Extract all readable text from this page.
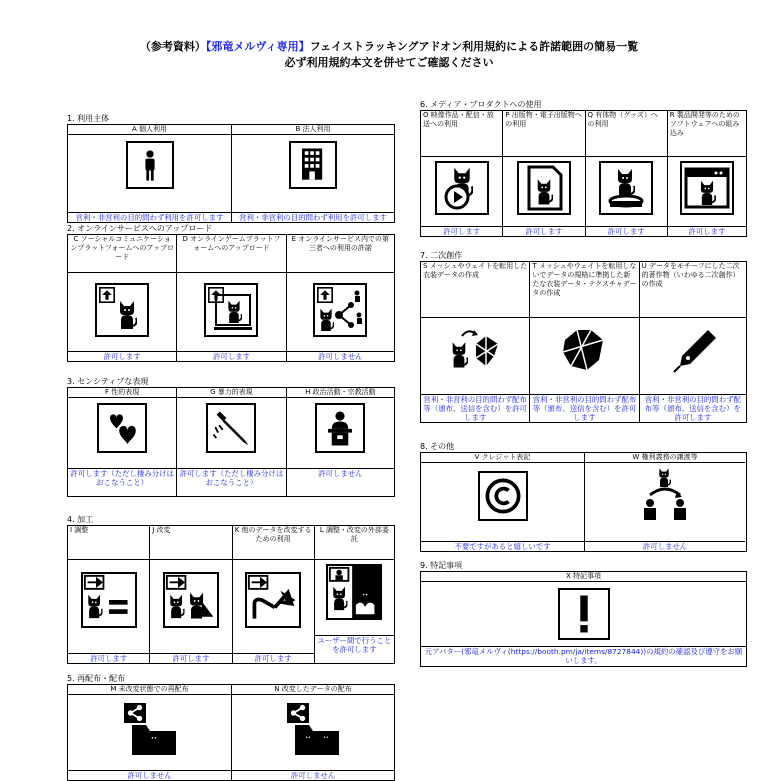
（参考資料）【邪竜メルヴィ専用】フェイストラッキングアドオン利用規約による許諾範囲の簡易一覧
必ず利用規約本文を併せてご確認ください
1. 利用主体
A 個人利用
営利・非営利の目的問わず利用を許可します
B 法人利用
営利・非営利の目的問わず利用を許可します
2. オンラインサービスへのアップロード
C ソーシャルコミュニケーションプラットフォームへのアップロード
許可します
D オンラインゲームプラットフォームへのアップロード
許可します
E オンラインサービス内での第三者への利用の許諾
許可しません
3. センシティブな表現
F 性的表現
許可します（ただし棲み分けはおこなうこと）
G 暴力的表現
許可します（ただし棲み分けはおこなうこと）
H 政治活動・宗教活動
許可しません
4. 加工
I 調整
許可します
J 改変
許可します
K 他のデータを改変するための利用
許可します
L 調整・改変の外部委託
ユーザー間で行うことを許可します
5. 再配布・配布
M 未改変状態での再配布
許可しません
N 改変したデータの配布
許可しません
6. メディア・プロダクトへの使用
O 映像作品・配信・放送への利用
許可します
P 出版物・電子出版物への利用
許可します
Q 有体物（グッズ）への利用
許可します
R 製品開発等のためのソフトウェアへの組み込み
許可します
7. 二次創作
S メッシュやウェイトを転用した衣装データの作成
営利・非営利の目的問わず配布等（頒布、送信を含む）を許可します
T メッシュやウェイトを転用しないでデータの規格に準拠した新たな衣装データ・テクスチャデータの作成
営利・非営利の目的問わず配布等（頒布、送信を含む）を許可します
U データをモチーフにした二次的著作物（いわゆる二次創作）の作成
営利・非営利の目的問わず配布等（頒布、送信を含む）を許可します
8. その他
V クレジット表記
不要ですがあると嬉しいです
W 権利義務の譲渡等
許可しません
9. 特記事項
X 特記事項
元アバター(邪竜メルヴィ(https://booth.pm/ja/items/8727844))の規約の確認及び遵守をお願いします。
